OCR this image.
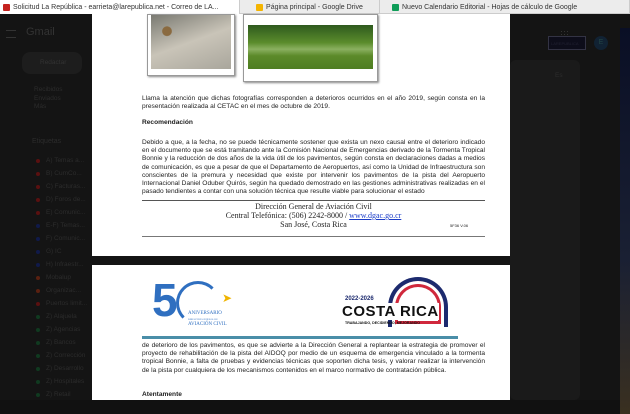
Solicitud La República - earrieta@larepublica.net - Correo de LA...	Página principal - Google Drive	Nuevo Calendario Editorial - Hojas de cálculo de Google
Gmail
Redactar
Recibidos
Enviados
Más
Etiquetas
A) Temas a...
B) CumCo...
C) Facturas...
D) Foros de...
E) Comunic...
E-F) Temas...
F) Comunic...
G) IC
H) Infraestr...
Mobalup
Organizac...
Puertos limit...
Z) Alajuela
Z) Agencias
Z) Bancos
Z) Corrección
Z) Desarrollo
Z) Hospitales
Z) Retail
LAREPUBLICA	E
Es
Llama la atención que dichas fotografías corresponden a deterioros ocurridos en el año 2019, según consta en la presentación realizada al CETAC en el mes de octubre de 2019.
Recomendación
Debido a que, a la fecha, no se puede técnicamente sostener que exista un nexo causal entre el deterioro indicado en el documento que se está tramitando ante la Comisión Nacional de Emergencias derivado de la Tormenta Tropical Bonnie y la reducción de dos años de la vida útil de los pavimentos, según consta en declaraciones dadas a medios de comunicación, es que a pesar de que el Departamento de Aeropuertos, así como la Unidad de Infraestructura son conscientes de la premura y necesidad que existe por intervenir los pavimentos de la pista del Aeropuerto Internacional Daniel Oduber Quirós, según ha quedado demostrado en las gestiones administrativas realizadas en el pasado tendientes a contar con una solución técnica que resulte viable para solucionar el estado
Dirección General de Aviación Civil
Central Telefónica: (506) 2242-8000 / www.dgac.go.cr
San José, Costa Rica	5F36 V.06
5	➤
ANIVERSARIO
DIRECCIÓN GENERAL DE
AVIACIÓN CIVIL
2022-2026
COSTA RICA
TRABAJANDO, DECIDIENDO, MEJORANDO
de deterioro de los pavimentos, es que se advierte a la Dirección General a replantear la estrategia de promover el proyecto de rehabilitación de la pista del AIDOQ por medio de un esquema de emergencia vinculado a la tormenta tropical Bonnie, a falta de pruebas y evidencias técnicas que soporten dicha tesis, y valorar realizar la intervención de la pista por cualquiera de los mecanismos contenidos en el marco normativo de contratación pública.
Atentamente
